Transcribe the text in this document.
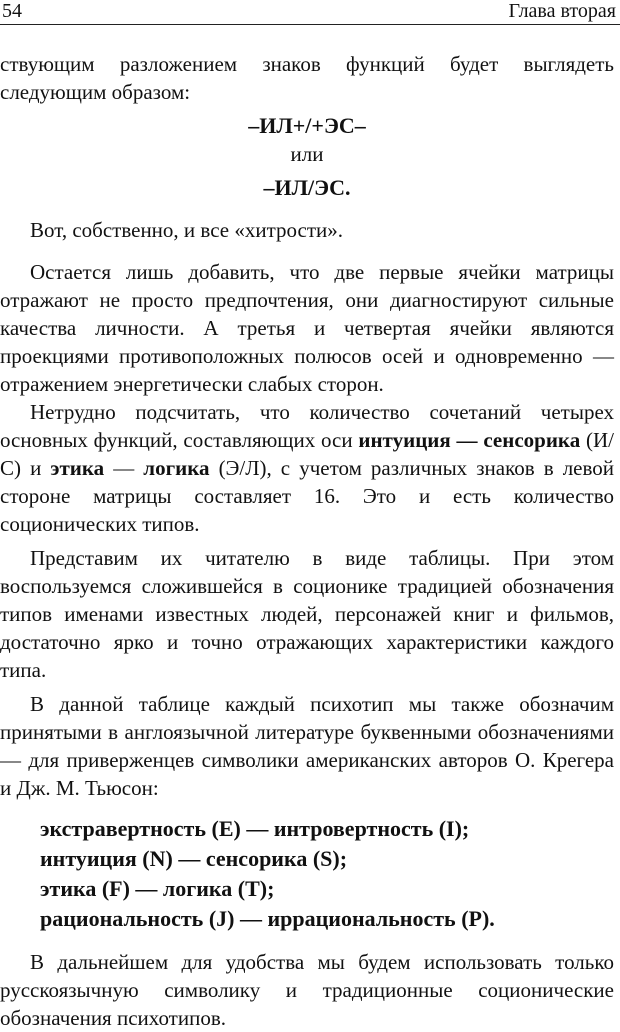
54	Глава вторая

ствующим разложением знаков функций будет выглядеть следующим образом:

–ИЛ+/+ЭС–

или

–ИЛ/ЭС.

Вот, собственно, и все «хитрости».

Остается лишь добавить, что две первые ячейки матрицы отражают не просто предпочтения, они диагностируют сильные качества личности. А третья и четвертая ячейки являются проекциями противоположных полюсов осей и одновременно — отражением энергетически слабых сторон.

Нетрудно подсчитать, что количество сочетаний четырех основных функций, составляющих оси интуиция — сенсорика (И/С) и этика — логика (Э/Л), с учетом различных знаков в левой стороне матрицы составляет 16. Это и есть количество соционических типов.

Представим их читателю в виде таблицы. При этом воспользуемся сложившейся в соционике традицией обозначения типов именами известных людей, персонажей книг и фильмов, достаточно ярко и точно отражающих характеристики каждого типа.

В данной таблице каждый психотип мы также обозначим принятыми в англоязычной литературе буквенными обозначениями — для приверженцев символики американских авторов О. Крегера и Дж. М. Тьюсон:

экстравертность (E) — интровертность (I);
интуиция (N) — сенсорика (S);
этика (F) — логика (T);
рациональность (J) — иррациональность (P).

В дальнейшем для удобства мы будем использовать только русскоязычную символику и традиционные соционические обозначения психотипов.
